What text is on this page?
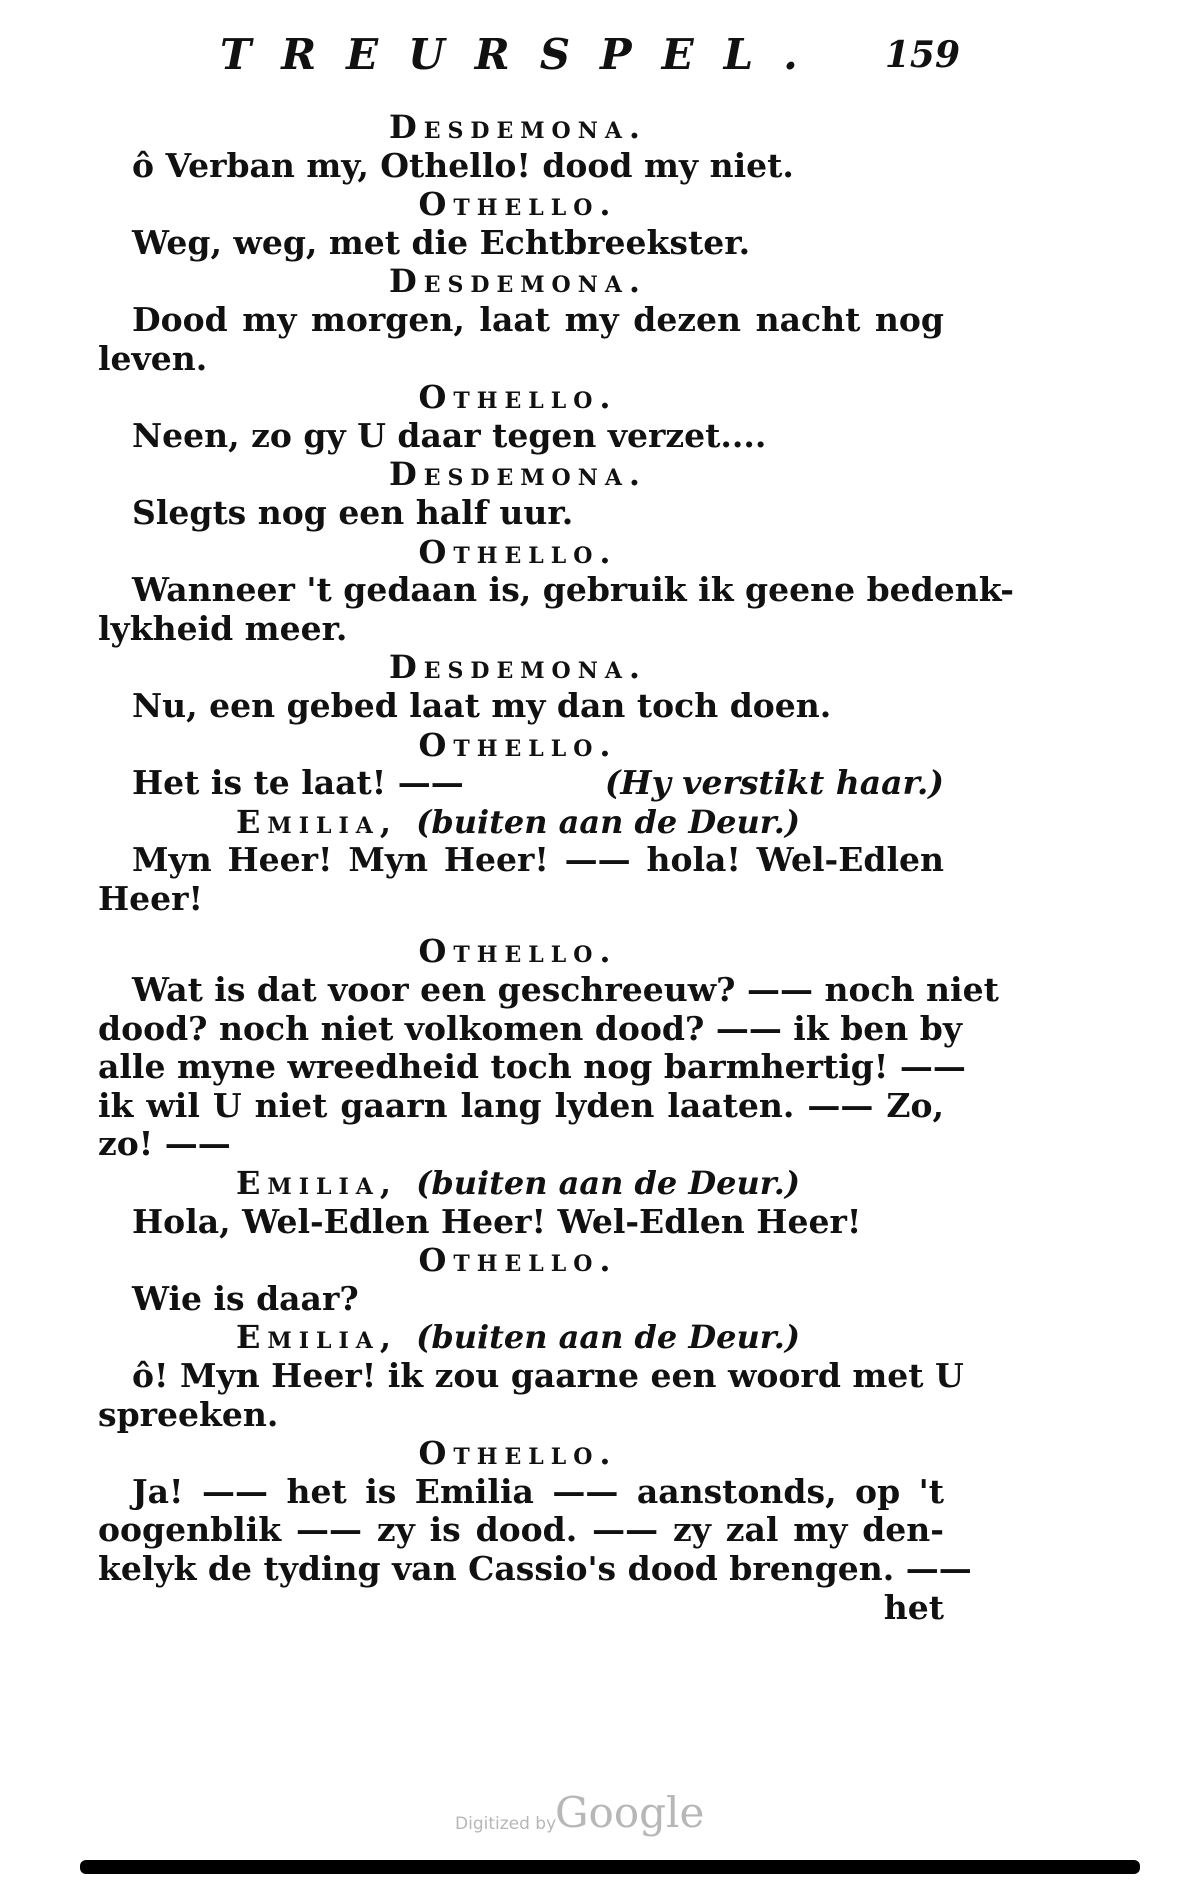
TREURSPEL. 159
Desdemona.
ô Verban my, Othello! dood my niet.
Othello.
Weg, weg, met die Echtbreekster.
Desdemona.
Dood my morgen, laat my dezen nacht nog
leven.
Othello.
Neen, zo gy U daar tegen verzet....
Desdemona.
Slegts nog een half uur.
Othello.
Wanneer 't gedaan is, gebruik ik geene bedenk-
lykheid meer.
Desdemona.
Nu, een gebed laat my dan toch doen.
Othello.
Het is te laat! ——	(Hy verstikt haar.)
Emilia, (buiten aan de Deur.)
Myn Heer! Myn Heer! —— hola! Wel-Edlen
Heer!
Othello.
Wat is dat voor een geschreeuw? —— noch niet
dood? noch niet volkomen dood? —— ik ben by
alle myne wreedheid toch nog barmhertig! ——
ik wil U niet gaarn lang lyden laaten. —— Zo,
zo! ——
Emilia, (buiten aan de Deur.)
Hola, Wel-Edlen Heer! Wel-Edlen Heer!
Othello.
Wie is daar?
Emilia, (buiten aan de Deur.)
ô! Myn Heer! ik zou gaarne een woord met U
spreeken.
Othello.
Ja! —— het is Emilia —— aanstonds, op 't
oogenblik —— zy is dood. —— zy zal my den-
kelyk de tyding van Cassio's dood brengen. ——
het
Digitized by
Google
